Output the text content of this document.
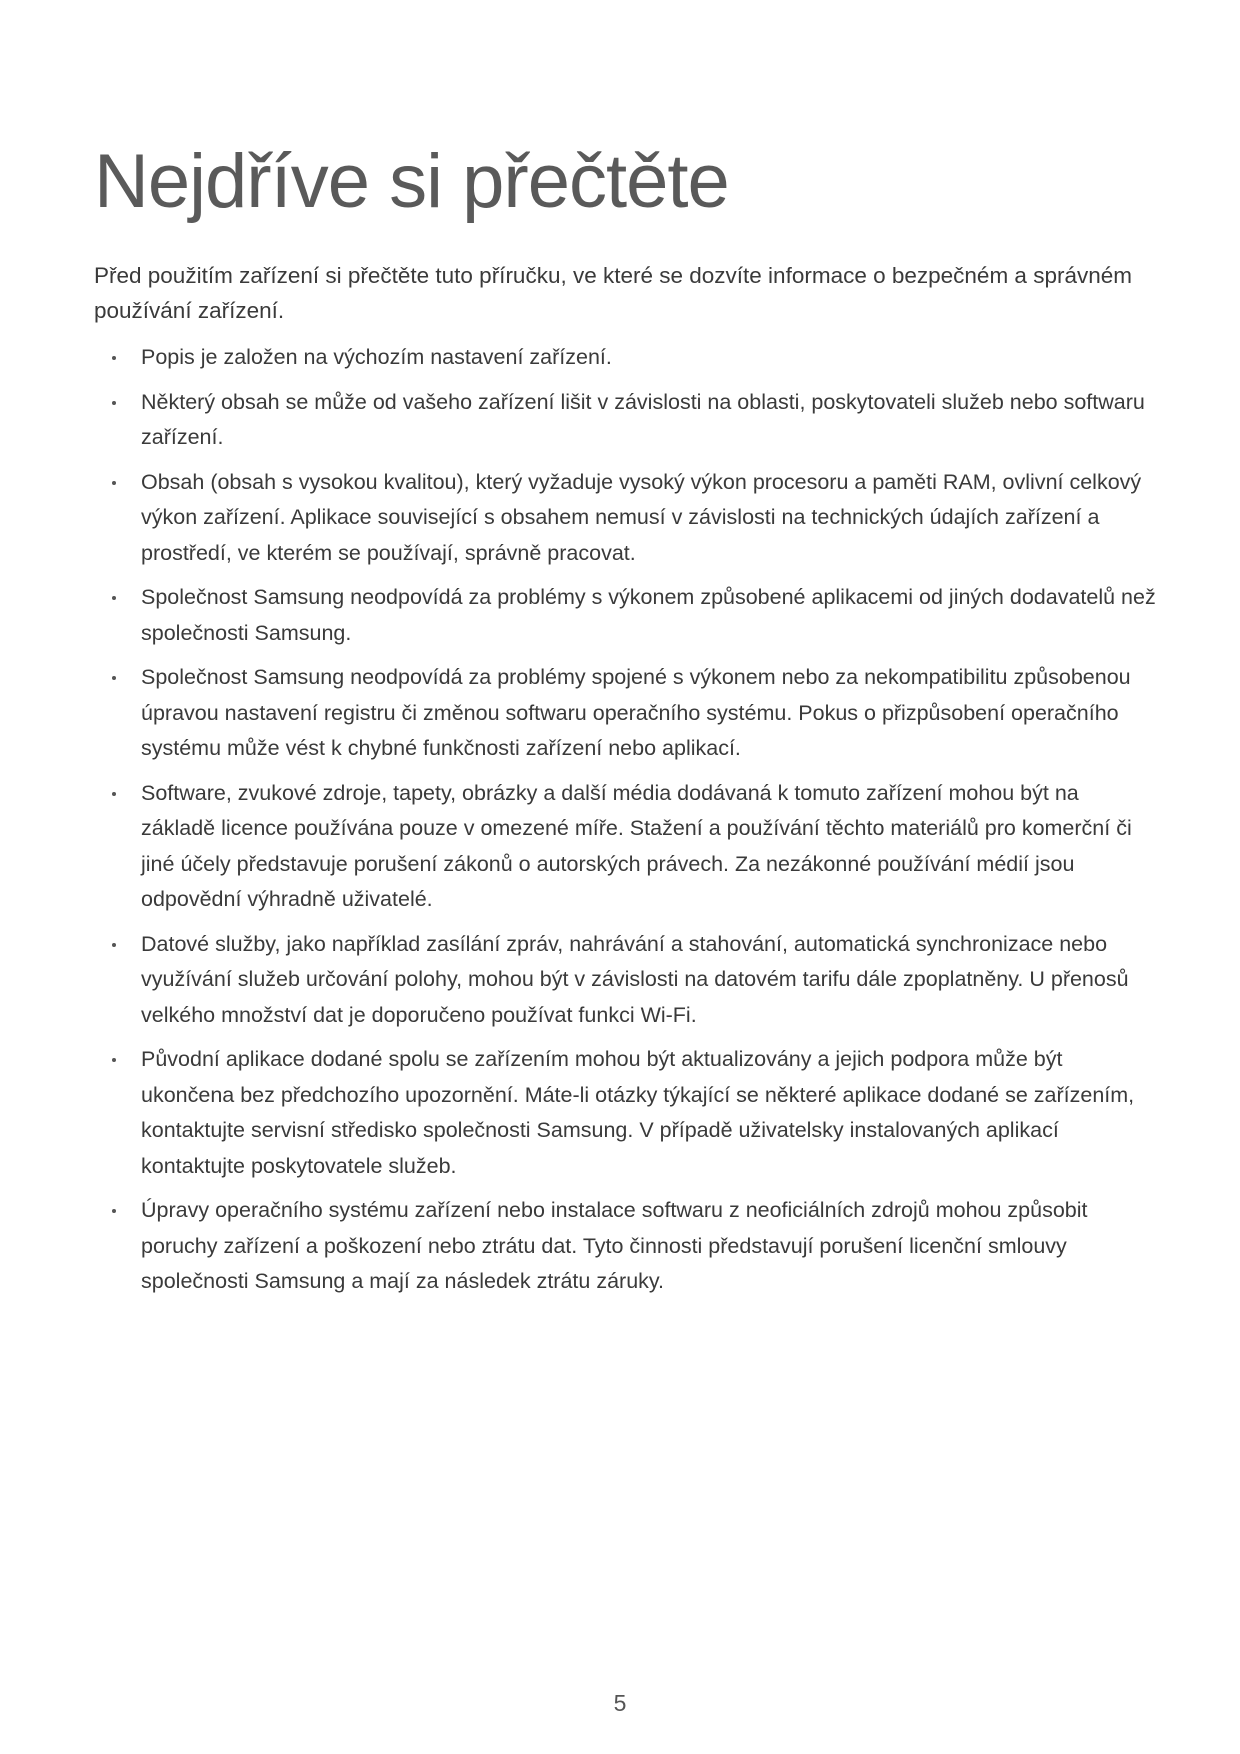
Nejdříve si přečtěte

Před použitím zařízení si přečtěte tuto příručku, ve které se dozvíte informace o bezpečném a správném používání zařízení.

Popis je založen na výchozím nastavení zařízení.
Některý obsah se může od vašeho zařízení lišit v závislosti na oblasti, poskytovateli služeb nebo softwaru zařízení.
Obsah (obsah s vysokou kvalitou), který vyžaduje vysoký výkon procesoru a paměti RAM, ovlivní celkový výkon zařízení. Aplikace související s obsahem nemusí v závislosti na technických údajích zařízení a prostředí, ve kterém se používají, správně pracovat.
Společnost Samsung neodpovídá za problémy s výkonem způsobené aplikacemi od jiných dodavatelů než společnosti Samsung.
Společnost Samsung neodpovídá za problémy spojené s výkonem nebo za nekompatibilitu způsobenou úpravou nastavení registru či změnou softwaru operačního systému. Pokus o přizpůsobení operačního systému může vést k chybné funkčnosti zařízení nebo aplikací.
Software, zvukové zdroje, tapety, obrázky a další média dodávaná k tomuto zařízení mohou být na základě licence používána pouze v omezené míře. Stažení a používání těchto materiálů pro komerční či jiné účely představuje porušení zákonů o autorských právech. Za nezákonné používání médií jsou odpovědní výhradně uživatelé.
Datové služby, jako například zasílání zpráv, nahrávání a stahování, automatická synchronizace nebo využívání služeb určování polohy, mohou být v závislosti na datovém tarifu dále zpoplatněny. U přenosů velkého množství dat je doporučeno používat funkci Wi-Fi.
Původní aplikace dodané spolu se zařízením mohou být aktualizovány a jejich podpora může být ukončena bez předchozího upozornění. Máte-li otázky týkající se některé aplikace dodané se zařízením, kontaktujte servisní středisko společnosti Samsung. V případě uživatelsky instalovaných aplikací kontaktujte poskytovatele služeb.
Úpravy operačního systému zařízení nebo instalace softwaru z neoficiálních zdrojů mohou způsobit poruchy zařízení a poškození nebo ztrátu dat. Tyto činnosti představují porušení licenční smlouvy společnosti Samsung a mají za následek ztrátu záruky.
5
